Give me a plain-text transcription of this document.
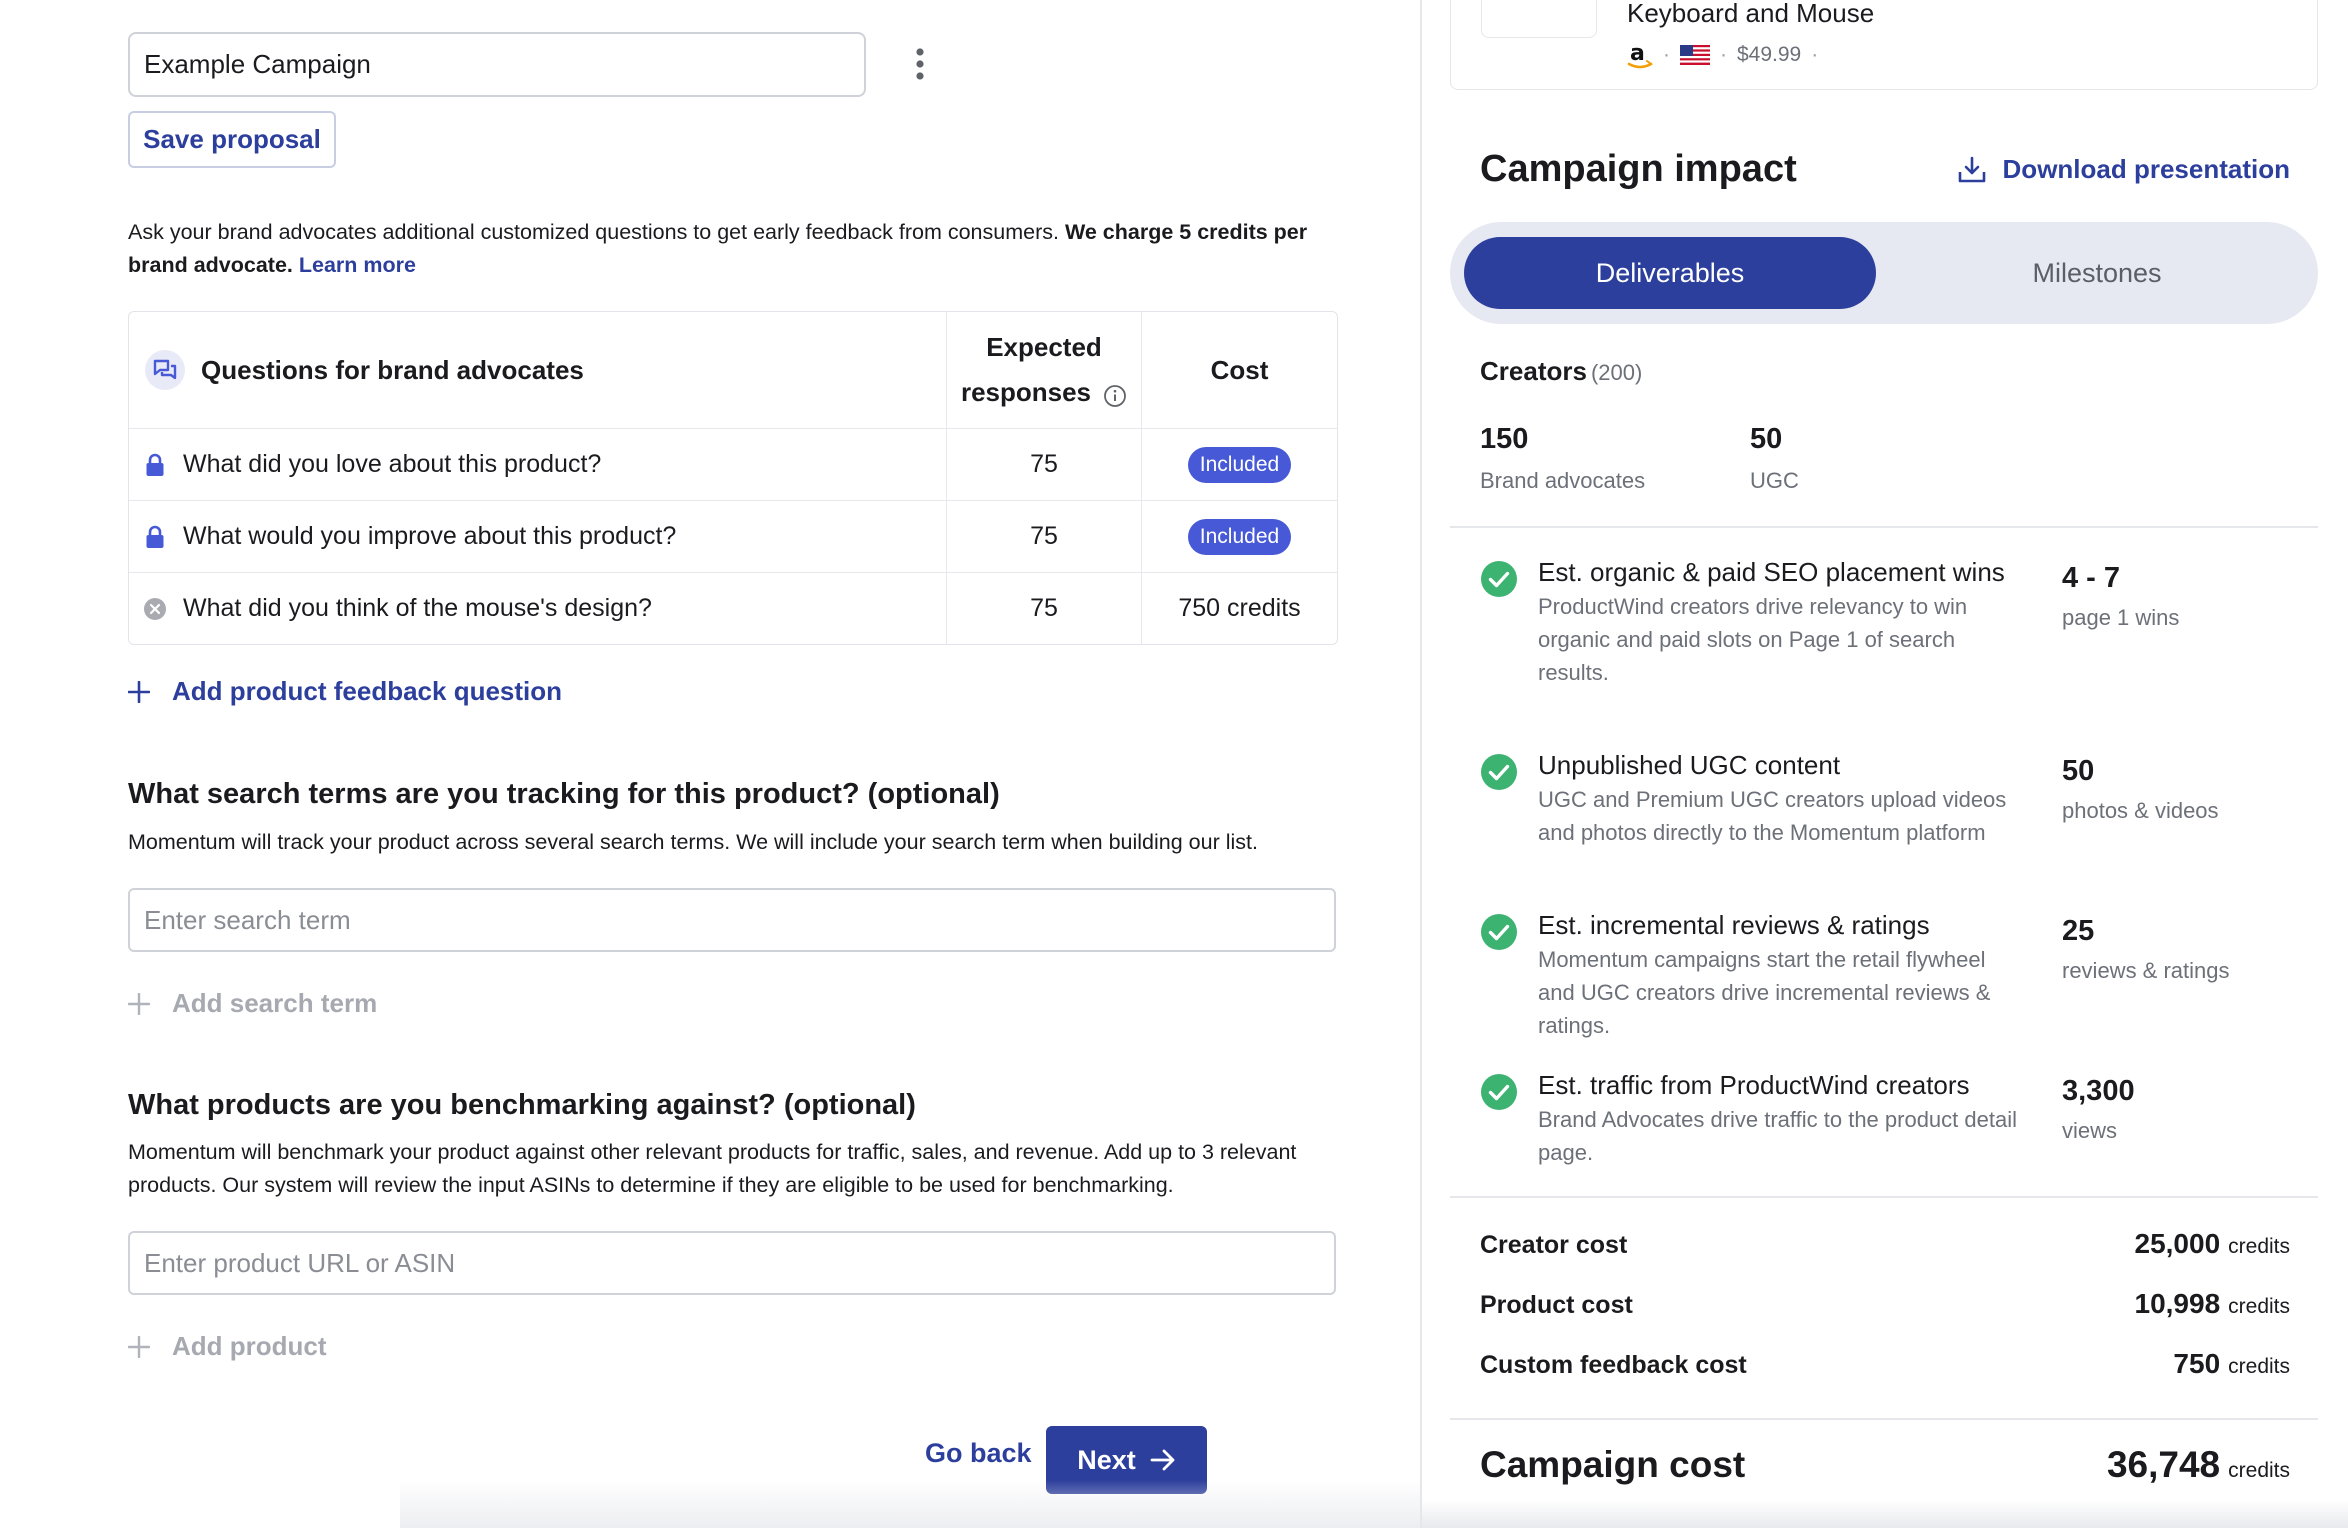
Example Campaign
Save proposal
Ask your brand advocates additional customized questions to get early feedback from consumers. We charge 5 credits per brand advocate. Learn more
Questions for brand advocates
Expected
responses
Cost
What did you love about this product?	75	Included
What would you improve about this product?	75	Included
What did you think of the mouse's design?	75	750 credits
Add product feedback question
What search terms are you tracking for this product? (optional)
Momentum will track your product across several search terms. We will include your search term when building our list.
Enter search term
Add search term
What products are you benchmarking against? (optional)
Momentum will benchmark your product against other relevant products for traffic, sales, and revenue. Add up to 3 relevant products. Our system will review the input ASINs to determine if they are eligible to be used for benchmarking.
Enter product URL or ASIN
Add product
Go back Next
Keyboard and Mouse
a · · $49.99 ·
Campaign impact	Download presentation
Deliverables	Milestones
Creators (200)
150
Brand advocates
50
UGC
Est. organic & paid SEO placement wins
ProductWind creators drive relevancy to win organic and paid slots on Page 1 of search results.
4 - 7
page 1 wins
Unpublished UGC content
UGC and Premium UGC creators upload videos and photos directly to the Momentum platform
50
photos & videos
Est. incremental reviews & ratings
Momentum campaigns start the retail flywheel and UGC creators drive incremental reviews & ratings.
25
reviews & ratings
Est. traffic from ProductWind creators
Brand Advocates drive traffic to the product detail page.
3,300
views
Creator cost	25,000 credits
Product cost	10,998 credits
Custom feedback cost	750 credits
Campaign cost	36,748 credits
